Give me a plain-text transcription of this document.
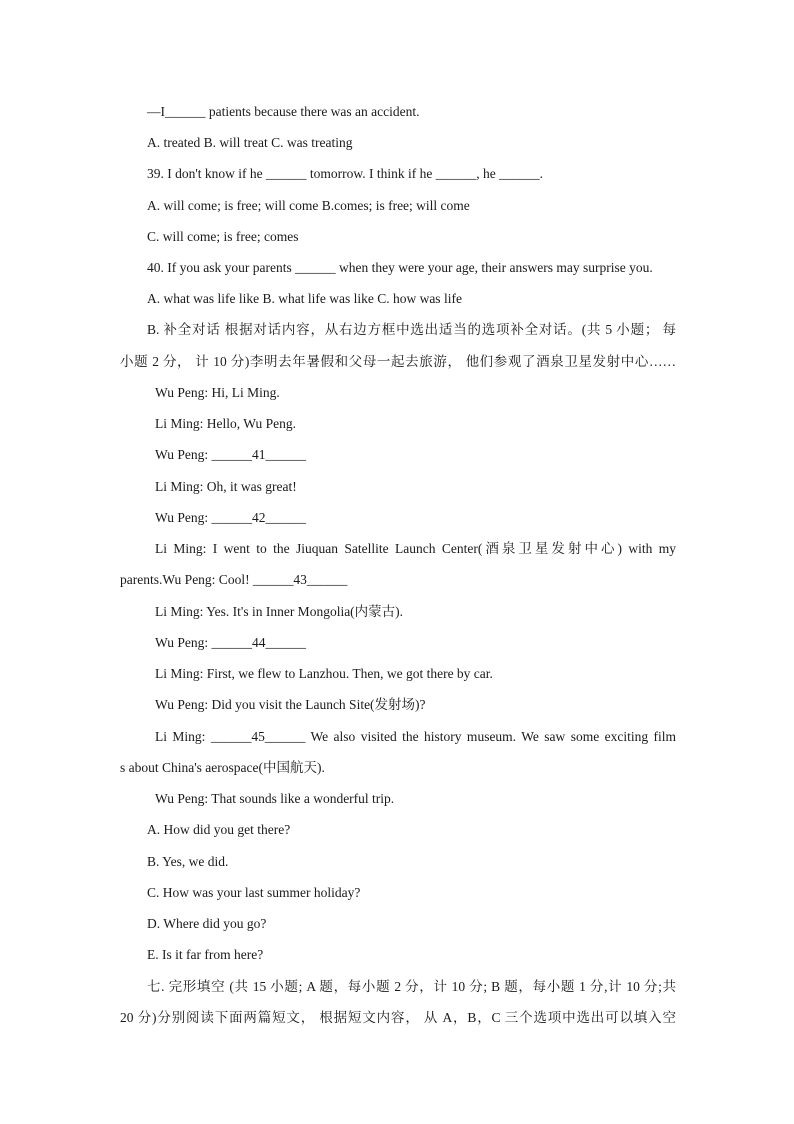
—I______ patients because there was an accident.
A. treated B. will treat C. was treating
39. I don't know if he ______ tomorrow. I think if he ______, he ______.
A. will come; is free; will come B.comes; is free; will come
C. will come; is free; comes
40. If you ask your parents ______ when they were your age, their answers may surprise you.
A. what was life like B. what life was like C. how was life
B. 补全对话 根据对话内容，从右边方框中选出适当的选项补全对话。(共 5 小题； 每
小题 2 分， 计 10 分)李明去年暑假和父母一起去旅游， 他们参观了酒泉卫星发射中心……
Wu Peng: Hi, Li Ming.
Li Ming: Hello, Wu Peng.
Wu Peng: ______41______
Li Ming: Oh, it was great!
Wu Peng: ______42______
Li Ming: I went to the Jiuquan Satellite Launch Center(酒泉卫星发射中心) with my
parents.Wu Peng: Cool! ______43______
Li Ming: Yes. It's in Inner Mongolia(内蒙古).
Wu Peng: ______44______
Li Ming: First, we flew to Lanzhou. Then, we got there by car.
Wu Peng: Did you visit the Launch Site(发射场)?
Li Ming: ______45______ We also visited the history museum. We saw some exciting film
s about China's aerospace(中国航天).
Wu Peng: That sounds like a wonderful trip.
A. How did you get there?
B. Yes, we did.
C. How was your last summer holiday?
D. Where did you go?
E. Is it far from here?
七. 完形填空 (共 15 小题; A 题，每小题 2 分，计 10 分; B 题，每小题 1 分,计 10 分;共
20 分)分别阅读下面两篇短文， 根据短文内容， 从 A，B，C 三个选项中选出可以填入空
